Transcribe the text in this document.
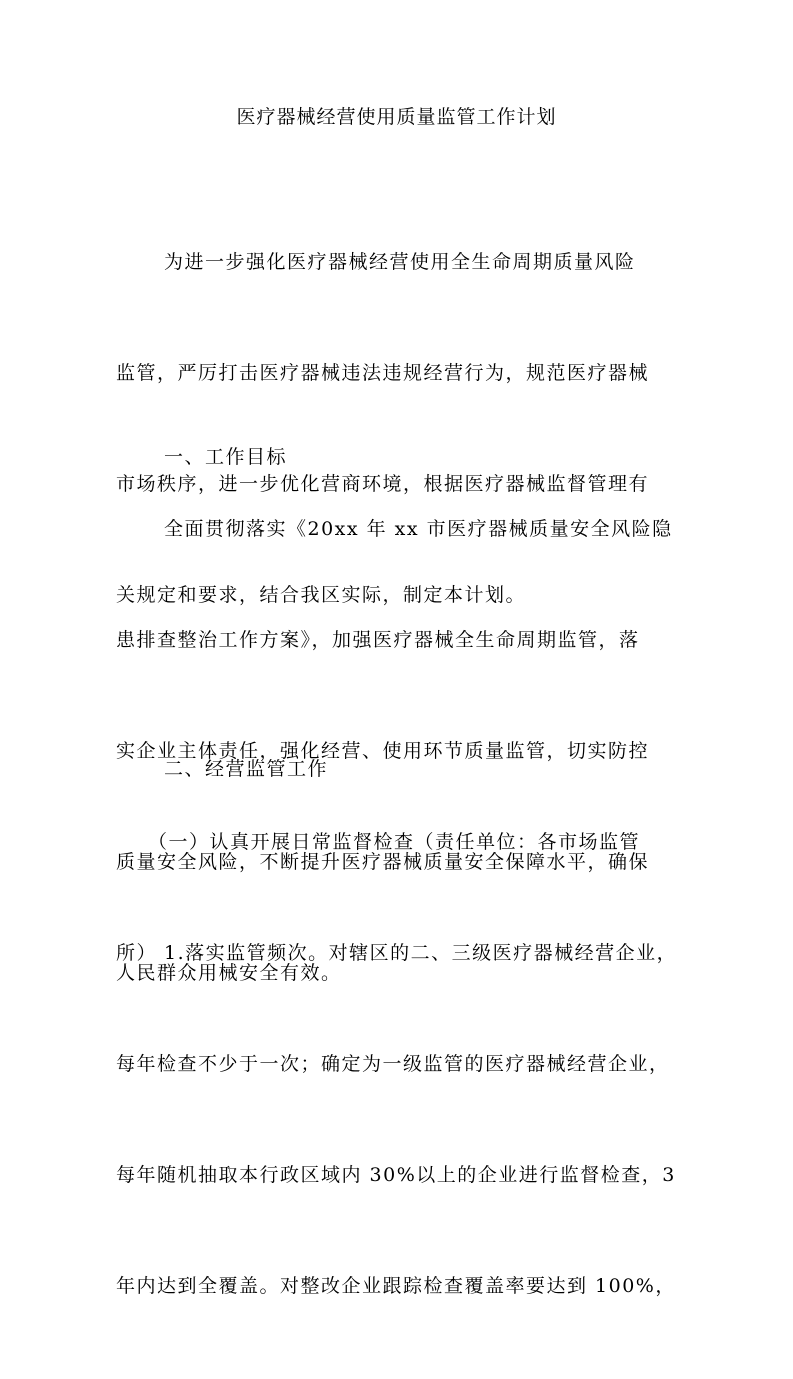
医疗器械经营使用质量监管工作计划

为进一步强化医疗器械经营使用全生命周期质量风险

监管，严厉打击医疗器械违法违规经营行为，规范医疗器械

市场秩序，进一步优化营商环境，根据医疗器械监督管理有

关规定和要求，结合我区实际，制定本计划。

一、工作目标

全面贯彻落实《20xx 年 xx 市医疗器械质量安全风险隐

患排查整治工作方案》，加强医疗器械全生命周期监管，落

实企业主体责任，强化经营、使用环节质量监管，切实防控

质量安全风险，不断提升医疗器械质量安全保障水平，确保

人民群众用械安全有效。

二、经营监管工作

（一）认真开展日常监督检查（责任单位：各市场监管

所）

1.落实监管频次。对辖区的二、三级医疗器械经营企业，

每年检查不少于一次；确定为一级监管的医疗器械经营企业，

每年随机抽取本行政区域内 30%以上的企业进行监督检查，3

年内达到全覆盖。对整改企业跟踪检查覆盖率要达到 100%，
